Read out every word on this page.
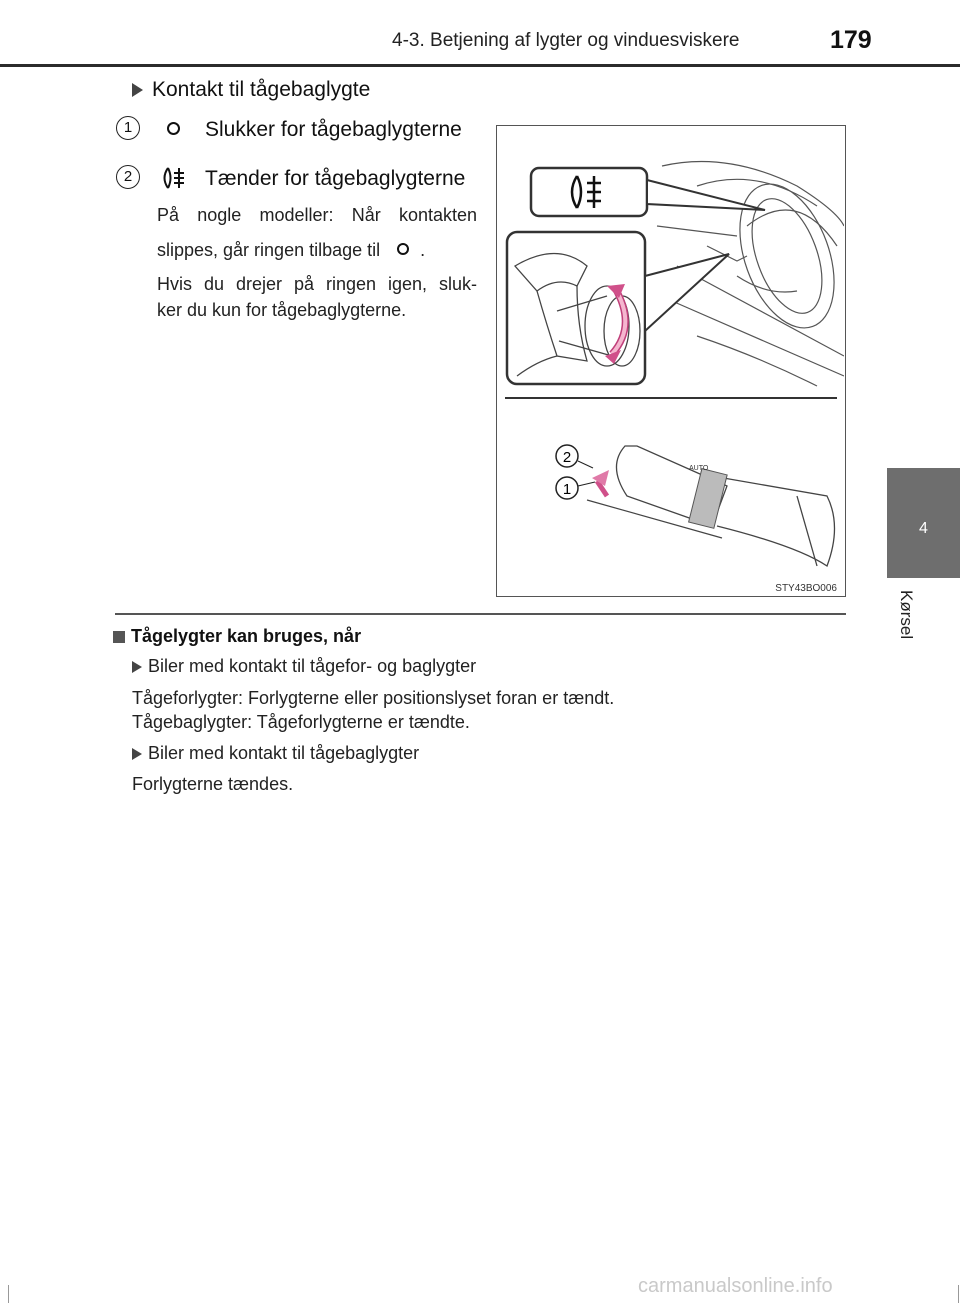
4-3. Betjening af lygter og vinduesviskere	179
4
Kørsel
Kontakt til tågebaglygte
1	Slukker for tågebaglygterne
2	Tænder for tågebaglygterne
På nogle modeller: Når kontakten
slippes, går ringen tilbage til .
Hvis du drejer på ringen igen, sluk-
ker du kun for tågebaglygterne.
AUTO
2
1
STY43BO006
Tågelygter kan bruges, når
Biler med kontakt til tågefor- og baglygter
Tågeforlygter: Forlygterne eller positionslyset foran er tændt.
Tågebaglygter: Tågeforlygterne er tændte.
Biler med kontakt til tågebaglygter
Forlygterne tændes.
carmanualsonline.info
